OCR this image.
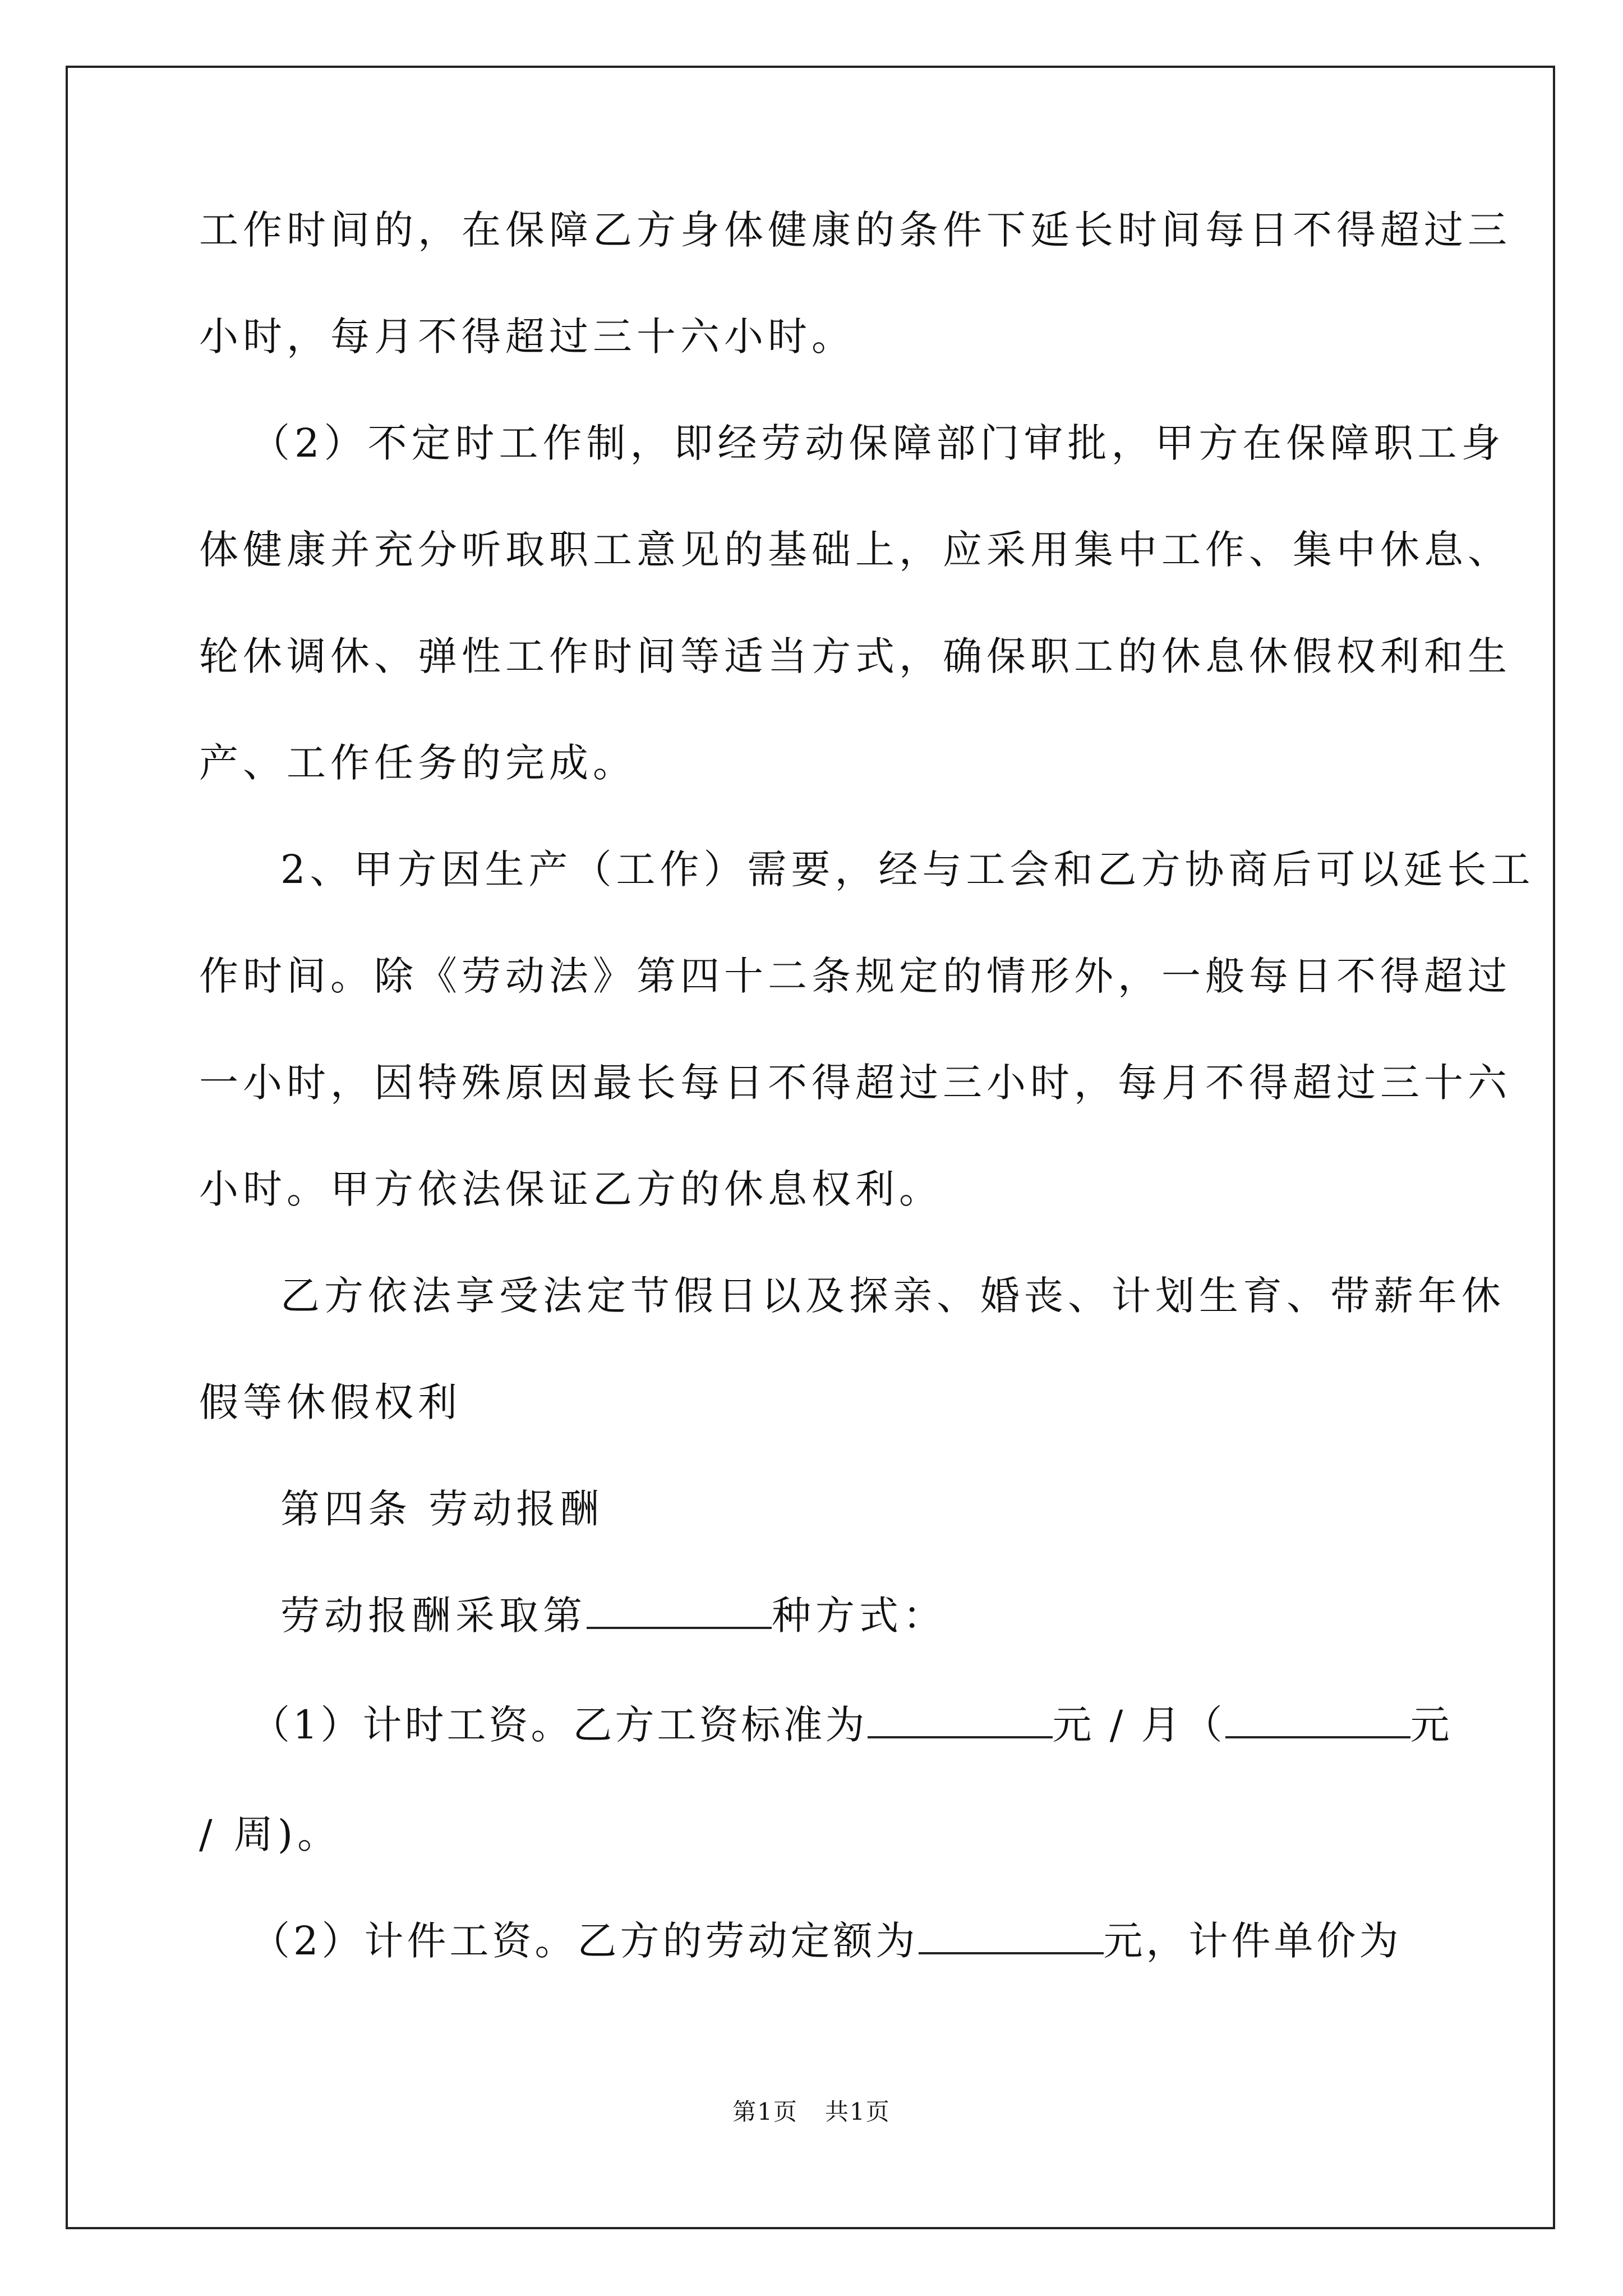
工作时间的，在保障乙方身体健康的条件下延长时间每日不得超过三
小时，每月不得超过三十六小时。
（2）不定时工作制，即经劳动保障部门审批，甲方在保障职工身
体健康并充分听取职工意见的基础上，应采用集中工作、集中休息、
轮休调休、弹性工作时间等适当方式，确保职工的休息休假权利和生
产、工作任务的完成。
2、甲方因生产（工作）需要，经与工会和乙方协商后可以延长工
作时间。除《劳动法》第四十二条规定的情形外，一般每日不得超过
一小时，因特殊原因最长每日不得超过三小时，每月不得超过三十六
小时。甲方依法保证乙方的休息权利。
乙方依法享受法定节假日以及探亲、婚丧、计划生育、带薪年休
假等休假权利
第四条 劳动报酬
劳动报酬采取第	种方式：
（1）计时工资。乙方工资标准为	元 / 月（	元
/ 周)。
（2）计件工资。乙方的劳动定额为	元，计件单价为
第1页 共1页
